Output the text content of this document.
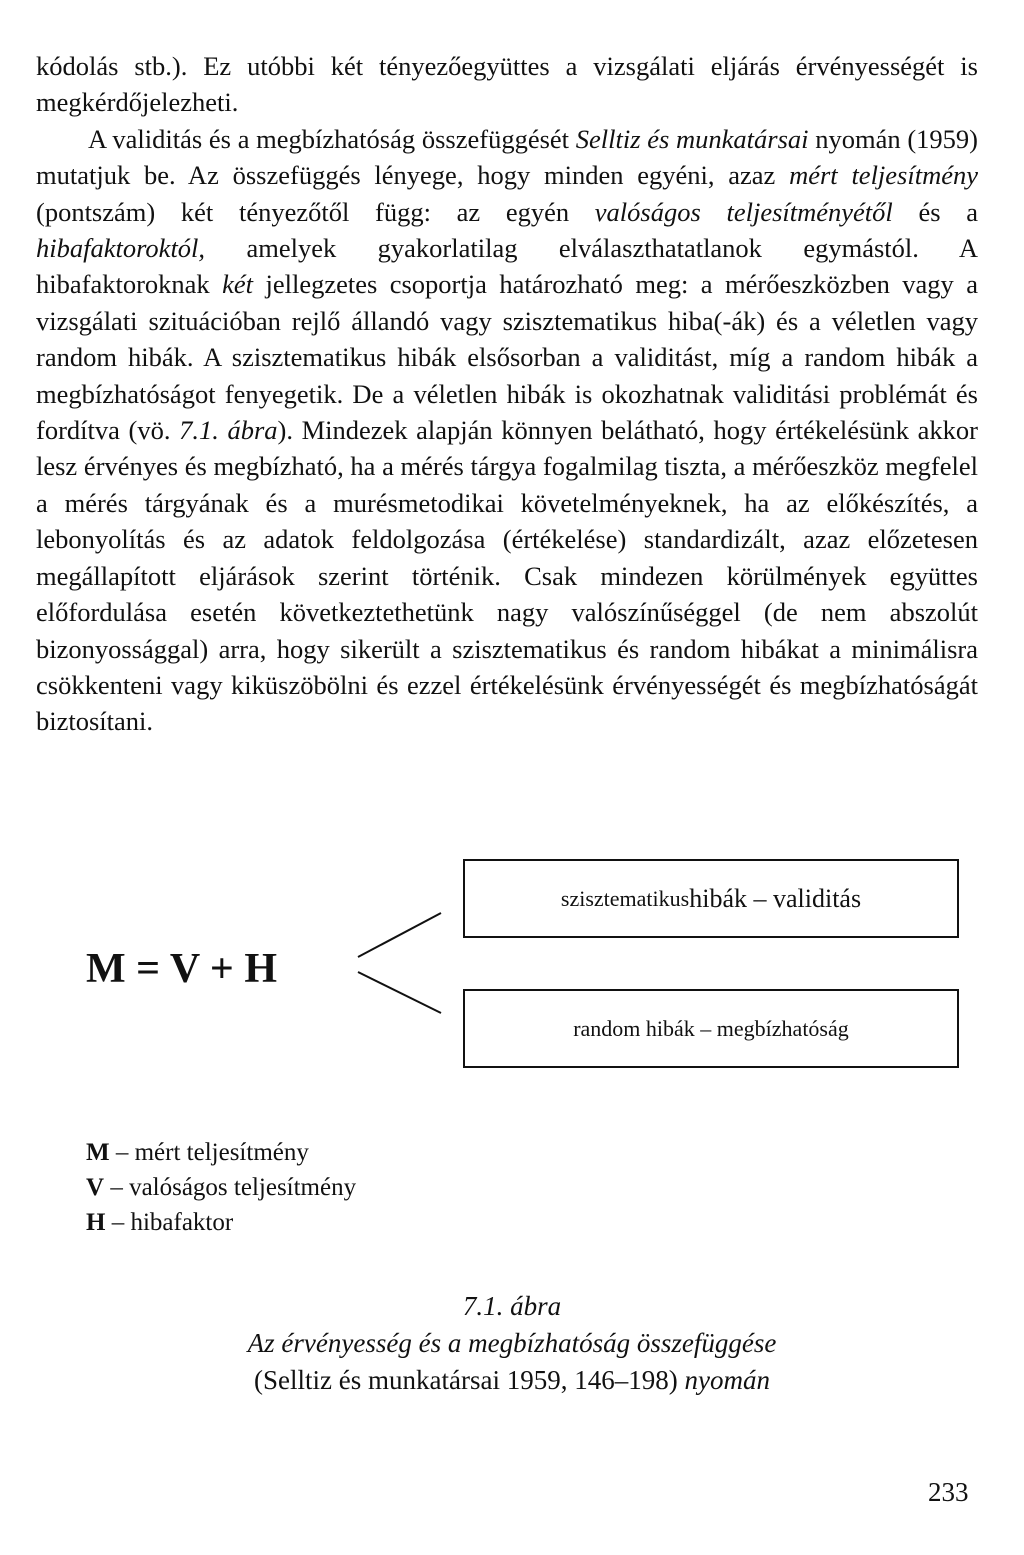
kódolás stb.). Ez utóbbi két tényezőegyüttes a vizsgálati eljárás érvényességét is megkérdőjelezheti.

A validitás és a megbízhatóság összefüggését Selltiz és munkatársai nyomán (1959) mutatjuk be. Az összefüggés lényege, hogy minden egyéni, azaz mért teljesítmény (pontszám) két tényezőtől függ: az egyén valóságos teljesítményétől és a hibafaktoroktól, amelyek gyakorlatilag elválaszthatatlanok egymástól. A hibafaktoroknak két jellegzetes csoportja határozható meg: a mérőeszközben vagy a vizsgálati szituációban rejlő állandó vagy szisztematikus hiba(-ák) és a véletlen vagy random hibák. A szisztematikus hibák elsősorban a validitást, míg a random hibák a megbízhatóságot fenyegetik. De a véletlen hibák is okozhatnak validitási problémát és fordítva (vö. 7.1. ábra). Mindezek alapján könnyen belátható, hogy értékelésünk akkor lesz érvényes és megbízható, ha a mérés tárgya fogalmilag tiszta, a mérőeszköz megfelel a mérés tárgyának és a murésmetodikai követelményeknek, ha az előkészítés, a lebonyolítás és az adatok feldolgozása (értékelése) standardizált, azaz előzetesen megállapított eljárások szerint történik. Csak mindezen körülmények együttes előfordulása esetén következtethetünk nagy valószínűséggel (de nem abszolút bizonyossággal) arra, hogy sikerült a szisztematikus és random hibákat a minimálisra csökkenteni vagy kiküszöbölni és ezzel értékelésünk érvényességét és megbízhatóságát biztosítani.

M = V + H
szisztematikus hibák – validitás
random hibák – megbízhatóság
M – mért teljesítmény
V – valóságos teljesítmény
H – hibafaktor
7.1. ábra
Az érvényesség és a megbízhatóság összefüggése
(Selltiz és munkatársai 1959, 146–198) nyomán
233
